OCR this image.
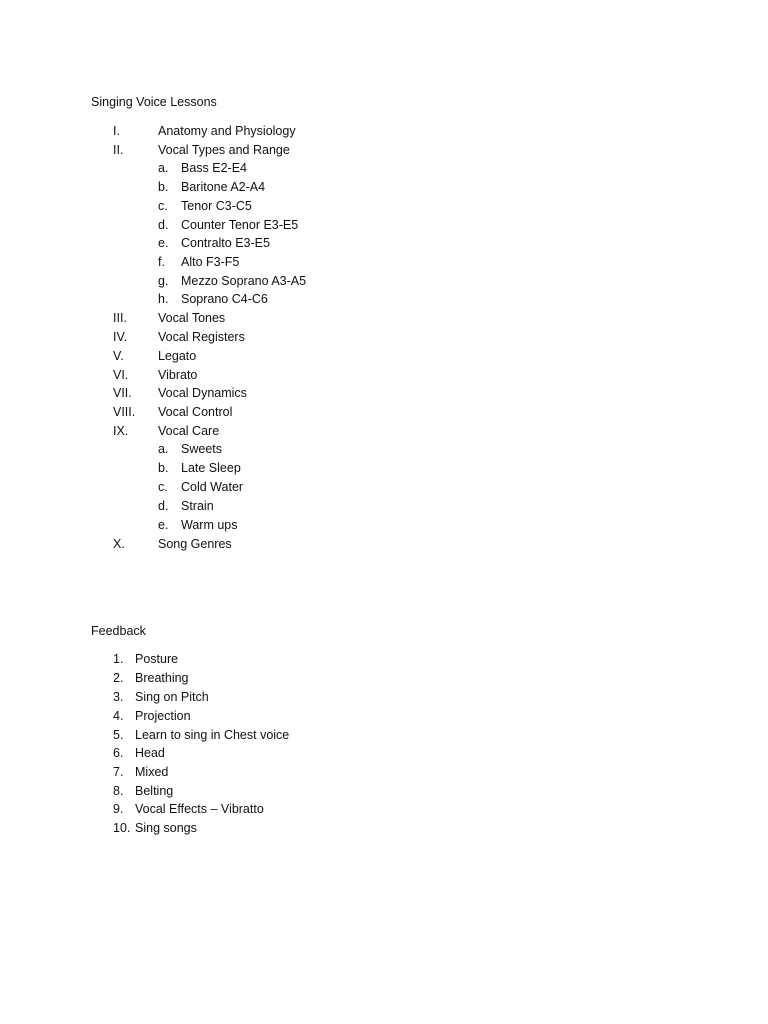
Singing Voice Lessons
I.	Anatomy and Physiology
II.	Vocal Types and Range
a. Bass E2-E4
b. Baritone A2-A4
c. Tenor C3-C5
d. Counter Tenor E3-E5
e. Contralto E3-E5
f. Alto F3-F5
g. Mezzo Soprano A3-A5
h. Soprano C4-C6
III. Vocal Tones
IV. Vocal Registers
V.	Legato
VI. Vibrato
VII. Vocal Dynamics
VIII. Vocal Control
IX. Vocal Care
a. Sweets
b. Late Sleep
c. Cold Water
d. Strain
e. Warm ups
X.	Song Genres
Feedback
1. Posture
2. Breathing
3. Sing on Pitch
4. Projection
5. Learn to sing in Chest voice
6. Head
7. Mixed
8. Belting
9. Vocal Effects – Vibratto
10. Sing songs
